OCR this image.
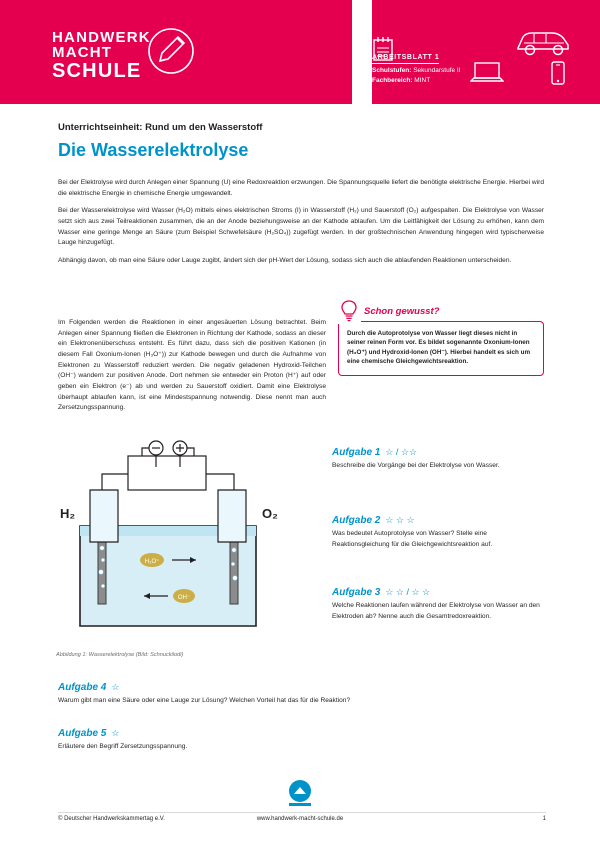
HANDWERK
MACHT
SCHULE
ARBEITSBLATT 1
Schulstufen: Sekundarstufe II
Fachbereich: MINT
Unterrichtseinheit: Rund um den Wasserstoff
Die Wasserelektrolyse

Bei der Elektrolyse wird durch Anlegen einer Spannung (U) eine Redoxreaktion erzwungen. Die Spannungsquelle liefert die benötigte elektrische Energie. Hierbei wird die elektrische Energie in chemische Energie umgewandelt.

Bei der Wasserelektrolyse wird Wasser (H₂O) mittels eines elektrischen Stroms (I) in Wasserstoff (H₂) und Sauerstoff (O₂) aufgespalten. Die Elektrolyse von Wasser setzt sich aus zwei Teilreaktionen zusammen, die an der Anode beziehungsweise an der Kathode ablaufen. Um die Leitfähigkeit der Lösung zu erhöhen, kann dem Wasser eine geringe Menge an Säure (zum Beispiel Schwefelsäure (H₂SO₄)) zugefügt werden. In der großtechnischen Anwendung hingegen wird typischerweise Lauge hinzugefügt.

Abhängig davon, ob man eine Säure oder Lauge zugibt, ändert sich der pH-Wert der Lösung, sodass sich auch die ablaufenden Reaktionen unterscheiden.

Im Folgenden werden die Reaktionen in einer angesäuerten Lösung betrachtet. Beim Anlegen einer Spannung fließen die Elektronen in Richtung der Kathode, sodass an dieser ein Elektronenüberschuss entsteht. Es führt dazu, dass sich die positiven Kationen (in diesem Fall Oxonium-Ionen (H₃O⁺)) zur Kathode bewegen und durch die Aufnahme von Elektronen zu Wasserstoff reduziert werden. Die negativ geladenen Hydroxid-Teilchen (OH⁻) wandern zur positiven Anode. Dort nehmen sie entweder ein Proton (H⁺) auf oder geben ein Elektron (e⁻) ab und werden zu Sauerstoff oxidiert. Damit eine Elektrolyse überhaupt ablaufen kann, ist eine Mindestspannung notwendig. Diese nennt man auch Zersetzungsspannung.

Schon gewusst?
Durch die Autoprotolyse von Wasser liegt dieses nicht in seiner reinen Form vor. Es bildet sogenannte Oxonium-Ionen (H₃O⁺) und Hydroxid-Ionen (OH⁻). Hierbei handelt es sich um eine chemische Gleichgewichtsreaktion.
H₃O⁺
OH⁻
H₂	O₂
Abbildung 1: Wasserelektrolyse (Bild: Schnuckilodi)
Aufgabe 1 ☆ / ☆☆
Beschreibe die Vorgänge bei der Elektrolyse von Wasser.
Aufgabe 2 ☆ ☆ ☆
Was bedeutet Autoprotolyse von Wasser? Stelle eine Reaktionsgleichung für die Gleichgewichtsreaktion auf.
Aufgabe 3 ☆ ☆ / ☆ ☆
Welche Reaktionen laufen während der Elektrolyse von Wasser an den Elektroden ab? Nenne auch die Gesamtredoxreaktion.
Aufgabe 4 ☆
Warum gibt man eine Säure oder eine Lauge zur Lösung? Welchen Vorteil hat das für die Reaktion?
Aufgabe 5 ☆
Erläutere den Begriff Zersetzungsspannung.
© Deutscher Handwerkskammertag e.V.	www.handwerk-macht-schule.de	1
